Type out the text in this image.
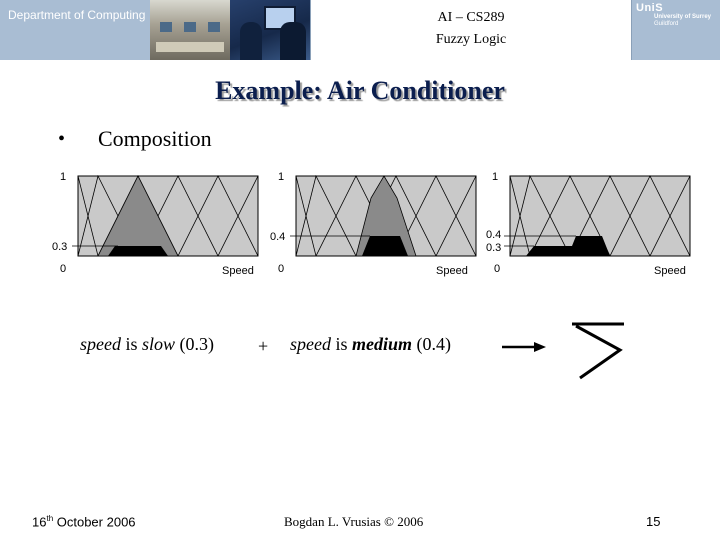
Department of Computing	AI – CS289
Fuzzy Logic
UniS
University of Surrey
Guildford
Example: Air Conditioner
• Composition
1
0.3
0	Speed
1
0.4
0	Speed
1
0.4
0.3
0	Speed
speed is slow (0.3) + speed is medium (0.4)
16th October 2006	Bogdan L. Vrusias © 2006	15
